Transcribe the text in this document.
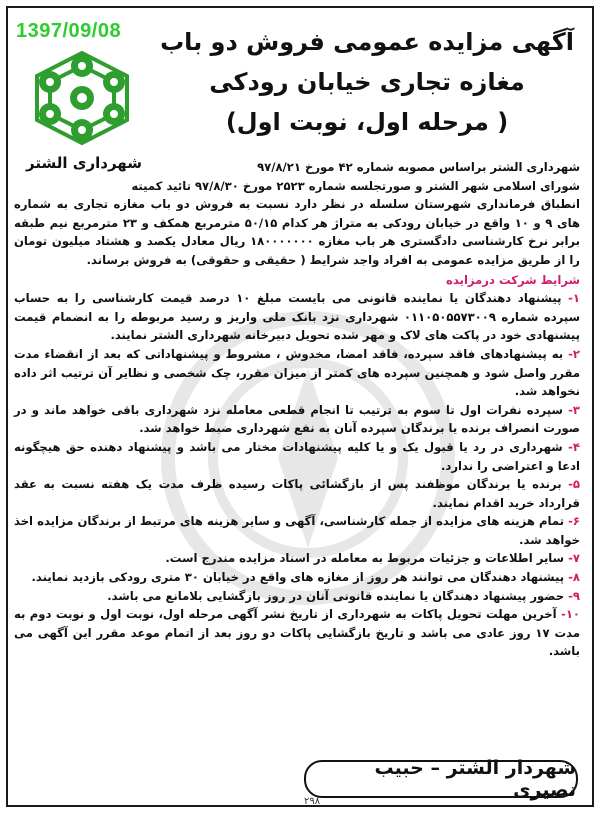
1397/09/08
شهرداری الشتر
آگهی مزایده عمومی فروش دو باب
مغازه تجاری خیابان رودکی
( مرحله اول، نوبت اول)
شهرداری الشتر براساس مصوبه شماره ۴۲ مورخ ۹۷/۸/۲۱
شورای اسلامی شهر الشتر و صورتجلسه شماره ۲۵۲۳ مورخ ۹۷/۸/۳۰ تائید کمیته
انطباق فرمانداری شهرستان سلسله در نظر دارد نسبت به فروش دو باب مغازه تجاری به شماره های ۹ و ۱۰ واقع در خیابان رودکی به متراژ هر کدام ۵۰/۱۵ مترمربع همکف و ۲۳ مترمربع نیم طبقه برابر نرخ کارشناسی دادگستری هر باب مغازه ۱۸۰۰۰۰۰۰۰ ریال معادل یکصد و هشتاد میلیون تومان را از طریق مزایده عمومی به افراد واجد شرایط ( حقیقی و حقوقی) به فروش برساند.
شرایط شرکت درمزایده
۱- پیشنهاد دهندگان یا نماینده قانونی می بایست مبلغ ۱۰ درصد قیمت کارشناسی را به حساب سپرده شماره ۰۱۱۰۵۰۵۵۷۳۰۰۹ شهرداری نزد بانک ملی واریز و رسید مربوطه را به انضمام قیمت پیشنهادی خود در پاکت های لاک و مهر شده تحویل دبیرخانه شهرداری الشتر نمایند.
۲- به پیشنهادهای فاقد سپرده، فاقد امضا، مخدوش ، مشروط و پیشنهاداتی که بعد از انقضاء مدت مقرر واصل شود و همچنین سپرده های کمتر از میزان مقرر، چک شخصی و نظایر آن ترتیب اثر داده نخواهد شد.
۳- سپرده نفرات اول تا سوم به ترتیب تا انجام قطعی معامله نزد شهرداری باقی خواهد ماند و در صورت انصراف برنده یا برندگان سپرده آنان به نفع شهرداری ضبط خواهد شد.
۴- شهرداری در رد یا قبول یک و یا کلیه پیشنهادات مختار می باشد و پیشنهاد دهنده حق هیچگونه ادعا و اعتراضی را ندارد.
۵- برنده یا برندگان موظفند پس از بازگشائی پاکات رسیده ظرف مدت یک هفته نسبت به عقد قرارداد خرید اقدام نمایند.
۶- تمام هزینه های مزایده از جمله کارشناسی، آگهی و سایر هزینه های مرتبط از برندگان مزایده اخذ خواهد شد.
۷- سایر اطلاعات و جزئیات مربوط به معامله در اسناد مزایده مندرج است.
۸- پیشنهاد دهندگان می توانند هر روز از مغازه های واقع در خیابان ۳۰ متری رودکی بازدید نمایند.
۹- حضور پیشنهاد دهندگان یا نماینده قانونی آنان در روز بازگشایی بلامانع می باشد.
۱۰- آخرین مهلت تحویل پاکات به شهرداری از تاریخ نشر آگهی مرحله اول، نوبت اول و نوبت دوم به مدت ۱۷ روز عادی می باشد و تاریخ بازگشایی پاکات دو روز بعد از اتمام موعد مقرر این آگهی می باشد.
شهردار الشتر – حبیب نصیری
۲۹۸
